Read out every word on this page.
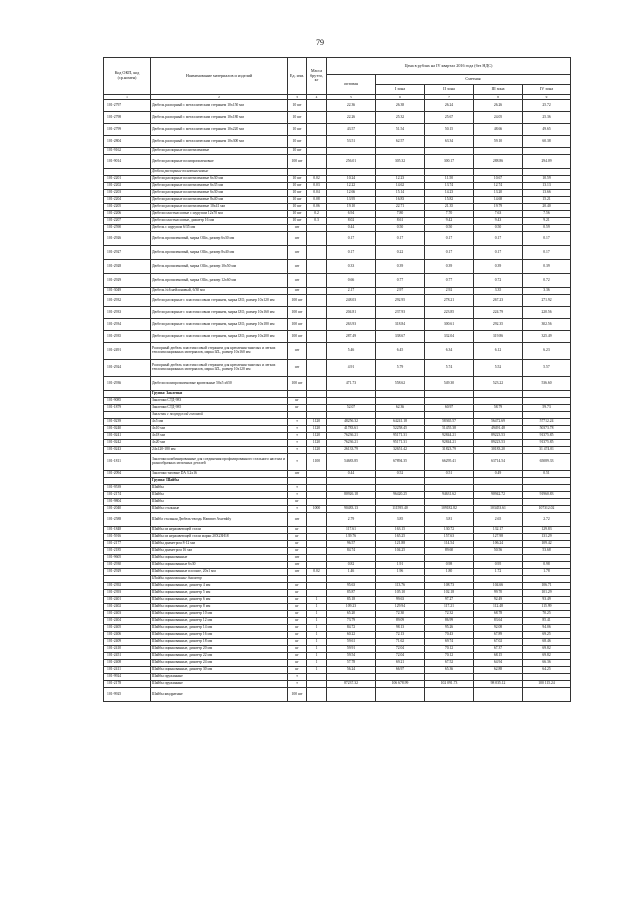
79
Код ОКП, код (ср.номен)	Наименование материалов и изделий	Ед. изм.	Масса брутто, кг	Цена в рублях на IV квартал 2016 года (без НДС)				
				оптовая	Сметная			
					I зона	II зона	III зона	IV зона
1	2	3	4	5	6	7	8	9
101-2797	Дюбель распорный с металлическим стержнем 10х150 мм	10 шт		22.36	26.38	26.24	26.26	25.72
101-2798	Дюбель распорный с металлическим стержнем 10х180 мм	10 шт		22.26	25.32	25.67	24.05	25.36
101-2799	Дюбель распорный с металлическим стержнем 10х220 мм	10 шт		43.57	51.54	50.15	48.66	49.65
101-2804	Дюбель распорный с металлическим стержнем 10х300 мм	10 шт		53.51	62.57	63.34	59.10	60.38
101-9162	Дюбели распорные полиэтиленовые	10 шт						
101-9014	Дюбели распорные полипропиленовые	100 шт		256.01	305.32	300.17	288.86	294.09
	Дюбели распорные полиэтиленовые							
101-2201	Дюбели распорные полиэтиленовые 6х30 мм	10 шт	0.02	10.24	12.23	11.50	10.67	10.59
101-2202	Дюбели распорные полиэтиленовые 6х35 мм	10 шт	0.03	12.22	14.62	13.74	12.74	13.13
101-2203	Дюбели распорные полиэтиленовые 6х30 мм	10 шт	0.04	12.66	15.14	14.23	13.20	13.66
101-2204	Дюбели распорные полиэтиленовые 8х40 мм	10 шт	0.08	13.95	16.83	15.82	14.68	15.21
101-2205	Дюбели распорные полиэтиленовые 10х41 мм	10 шт	0.06	19.10	22.71	21.35	19.79	20.40
101-2206	Дюбели пластмассовые с шурупом 12х70 мм	10 шт	0.2	6.94	7.80	7.70	7.63	7.56
101-2207	Дюбели пластмассовые, диаметр 16 мм	10 шт	0.3	8.02	8.61	9.42	9.43	9.21
101-2590	Дюбель с шурупом 6/35 мм	шт		0.44	0.50	0.50	0.50	0.59
101-2926	Дюбель пропиленовый, марка Ollix, размер 6х30 мм	шт		0.17	0.17	0.17	0.17	0.17
101-2927	Дюбель пропиленовый, марка Ollix, размер 8х40 мм	шт		0.17	0.22	0.17	0.17	0.17
101-2928	Дюбель пропиленовый, марка Ollix, размер 10х50 мм	шт		0.33	0.39	0.39	0.39	0.39
101-2929	Дюбель пропиленовый, марка Ollix, размер 12х60 мм	шт		0.66	0.77	0.77	0.72	0.72
101-3049	Дюбель №6 нейлоновый, 6/30 мм	шт		2.17	2.97	2.92	3.35	3.36
101-2932	Дюбели распорные с пластмассовым стержнем, марка IZO, размер 10х120 мм	100 шт		248.03	292.95	278.21	267.23	271.92
101-2933	Дюбели распорные с пластмассовым стержнем, марка IZO, размер 10х160 мм	100 шт		204.81	237.93	223.85	224.79	220.56
101-2934	Дюбели распорные с пластмассовым стержнем, марка IZO, размер 10х180 мм	100 шт		263.93	318.84	300.61	292.35	302.56
101-2935	Дюбели распорные с пластмассовым стержнем, марка IZO, размер 10х200 мм	100 шт		287.49	338.67	332.04	319.86	325.49
101-2491	Распорный дюбель пластмассовый стержнем для крепления тяжелых и легких теплоизоляционных материалов, марка IZL, размер 10х160 мм	шт		5.46	6.45	6.34	6.12	6.23
101-2924	Распорный дюбель пластмассовый стержнем для крепления тяжелых и легких теплоизоляционных материалов, марка IZL, размер 10х120 мм	шт		4.91	5.79	5.74	5.52	5.57
101-2936	Дюбели полипропиленовые кровельные 50х5 х650	100 шт		471.73	558.62	549.30	523.22	536.60
	Группа: Заклепки							
101-9085	Заклепки СТД-983	кг						
101-1879	Заклепки СТД-985	кг		52.07	62.36	60.97	58.79	59.73
	Заклепки с полукруглой головкой							
101-0239	4х5 мм	т	1120	48256.32	64241.18	58365.57	56472.69	57712.24
101-0240	4х10 мм	т	1120	41783.61	52258.45	51455.38	49491.48	50373.78
101-0241	4х18 мм	т	1120	76236.21	95171.31	92844.21	89223.53	91375.85
101-0242	4х20 мм	т	1120	76236.21	95171.31	92844.21	89223.53	91375.85
101-0243	24х120-180 мм	т	1120	26133.79	32651.42	31823.79	30183.20	31 474.01
101-1811	Заклепки комбинированные для соединения профилированного стального настила и разнообразных мелочных деталей	т	1100	54683.85	67894.35	66295.41	63714.54	65089.33
101-2094	Заклепки тяговые DA 3.2х16	шт		0.44	0.52	0.51	0.49	0.51
	Группа: Шайбы							
101-9539	Шайбы	т						
101-2174	Шайбы	т		80926.18	96420.25	94631.62	90942.72	91960.83
101-9804	Шайбы	кг						
101-2040	Шайбы стальные	т	1000	90483.13	111595.40	109182.82	103453.61	107312.02
101-2588	Шайба стальная Дюбель-гвоздь Hammer Assembly	шт		2.79	3.85	3.81	2.65	2.72
101-1848	Шайбы из нержавеющей стали	кг		117.61	163.15	130.72	132.17	129.83
101-5916	Шайбы из нержавеющей стали марки 20Х23Н18	кг		139.76	165.25	157.63	127.98	131.29
101-2177	Шайбы диаметром 8-12 мм	кг		96.57	121.88	114.54	106.24	109.42
101-2185	Шайбы диаметром 16 мм	кг		84.74	104.25	89.60	50.56	53.68
101-9605	Шайбы оцинкованные	шт						
101-2930	Шайбы оцинкованные 6х30	шт		0.82	1.91	0.98	0.95	0.98
101-2929	Шайбы оцинкованные плоские, 20х1 мм	шт	0.02	1.46	1.96	1.80	1.72	1.78
	Шайбы оцинкованные диаметр							
101-2392	Шайбы оцинкованные, диаметр 4 мм	кг		95.63	113.76	108.73	104.66	106.71
101-2393	Шайбы оцинкованные, диаметр 5 мм	кг		85.87	105.10	102.18	99.70	101.29
101-2401	Шайбы оцинкованные, диаметр 6 мм	кг	1	85.18	99.63	97.27	92.49	93.49
101-2402	Шайбы оцинкованные, диаметр 8 мм	кг	1	109.23	129.94	117.21	112.48	115.99
101-2403	Шайбы оцинкованные, диаметр 10 мм	кг	1	65.20	72.30	72.32	68.78	70.25
101-2404	Шайбы оцинкованные, диаметр 12 мм	кг	1	73.79	89.09	86.99	83.64	85.41
101-2405	Шайбы оцинкованные, диаметр 14 мм	кг	1	84.72	98.13	95.26	92.08	94.06
101-2406	Шайбы оцинкованные, диаметр 16 мм	кг	1	60.22	72.13	70.43	67.89	69.25
101-2409	Шайбы оцинкованные, диаметр 18 мм	кг	1	59.61	71.62	69.74	67.02	68.46
101-2410	Шайбы оцинкованные, диаметр 20 мм	кг	1	59.91	72.04	70.12	67.37	69.82
101-2451	Шайбы оцинкованные, диаметр 22 мм	кг	1	59.54	72.04	70.12	68.15	69.82
101-2408	Шайбы оцинкованные, диаметр 24 мм	кг	1	57.78	69.21	67.52	64.94	66.36
101-2411	Шайбы оцинкованные, диаметр 30 мм	кг	1	56.24	66.97	65.36	62.88	64.25
101-9924	Шайбы пружинные	т						
101-2178	Шайбы пружинные	т		87237.32	106 678.99	102 091.73	98 035.12	100 115.24
101-9925	Шайбы квадратные	100 шт						
